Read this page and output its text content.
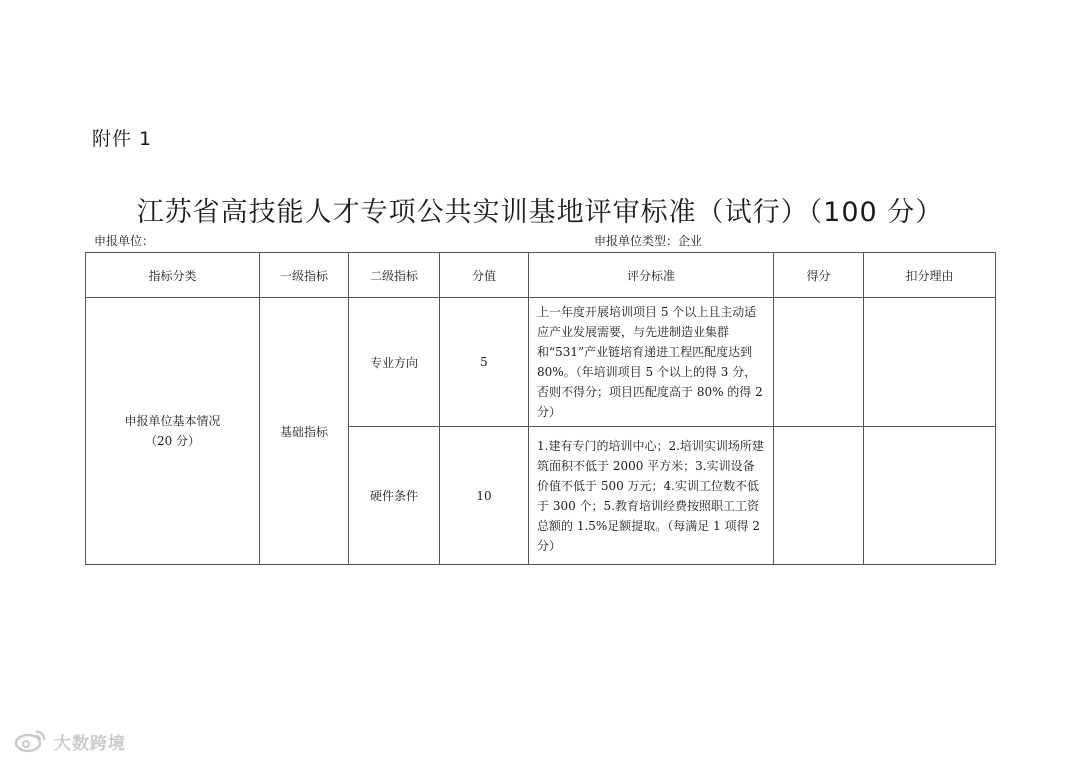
附件 1
江苏省高技能人才专项公共实训基地评审标准（试行）（100 分）
申报单位：	申报单位类型：企业
指标分类	一级指标	二级指标	分值	评分标准	得分	扣分理由

申报单位基本情况
（20 分）	基础指标	专业方向	5	上一年度开展培训项目 5 个以上且主动适应产业发展需要，与先进制造业集群和“531”产业链培育递进工程匹配度达到 80%。（年培训项目 5 个以上的得 3 分，否则不得分；项目匹配度高于 80% 的得 2 分）		
		硬件条件	10	1.建有专门的培训中心；2.培训实训场所建筑面积不低于 2000 平方米；3.实训设备价值不低于 500 万元；4.实训工位数不低于 300 个；5.教育培训经费按照职工工资总额的 1.5%足额提取。（每满足 1 项得 2 分）		
大数跨境
